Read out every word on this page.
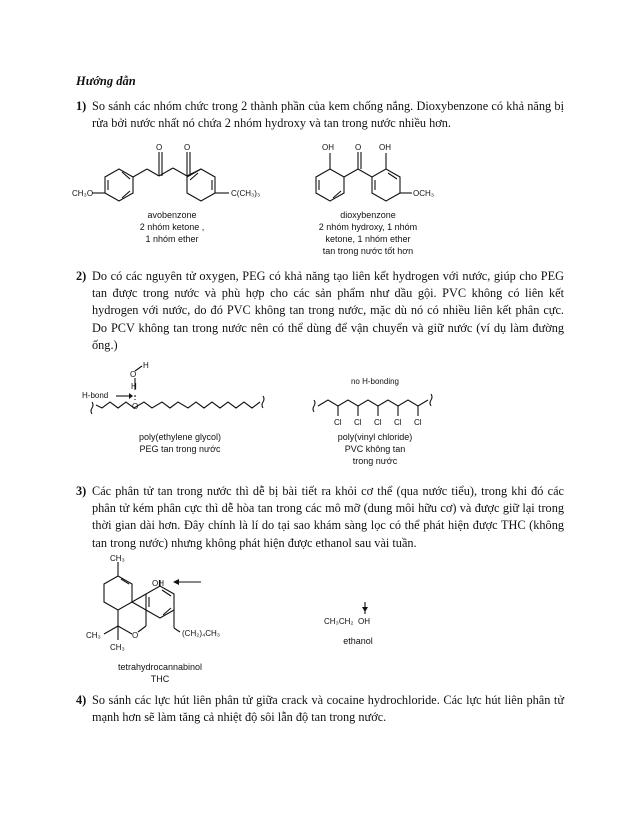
Hướng dẫn
1) So sánh các nhóm chức trong 2 thành phần của kem chống nắng. Dioxybenzone có khả năng bị rửa bởi nước nhất nó chứa 2 nhóm hydroxy và tan trong nước nhiều hơn.
CH₃O
O	O
C(CH₃)₃
avobenzone
2 nhóm ketone ,
1 nhóm ether
OH	O OH
OCH₃
dioxybenzone
2 nhóm hydroxy, 1 nhóm
ketone, 1 nhóm ether
tan trong nước tốt hơn
2) Do có các nguyên tử oxygen, PEG có khả năng tạo liên kết hydrogen với nước, giúp cho PEG tan được trong nước và phù hợp cho các sản phẩm như dầu gội. PVC không có liên kết hydrogen với nước, do đó PVC không tan trong nước, mặc dù nó có nhiều liên kết phân cực. Do PCV không tan trong nước nên có thể dùng để vận chuyển và giữ nước (ví dụ làm đường ống.)
O
H
H
H-bond
O
poly(ethylene glycol)
PEG tan trong nước
no H-bonding
Cl Cl Cl Cl Cl
poly(vinyl chloride)
PVC không tan
trong nước
3) Các phân tử tan trong nước thì dễ bị bài tiết ra khỏi cơ thể (qua nước tiểu), trong khi đó các phân tử kém phân cực thì dễ hòa tan trong các mô mỡ (dung môi hữu cơ) và được giữ lại trong thời gian dài hơn. Đây chính là lí do tại sao khám sàng lọc có thể phát hiện được THC (không tan trong nước) nhưng không phát hiện được ethanol sau vài tuần.
CH₃
OH
CH₃	O
CH₃
(CH₂)₄CH₃
tetrahydrocannabinol
THC
CH₃CH₂ OH
ethanol
4) So sánh các lực hút liên phân tử giữa crack và cocaine hydrochloride. Các lực hút liên phân tử mạnh hơn sẽ làm tăng cả nhiệt độ sôi lẫn độ tan trong nước.
